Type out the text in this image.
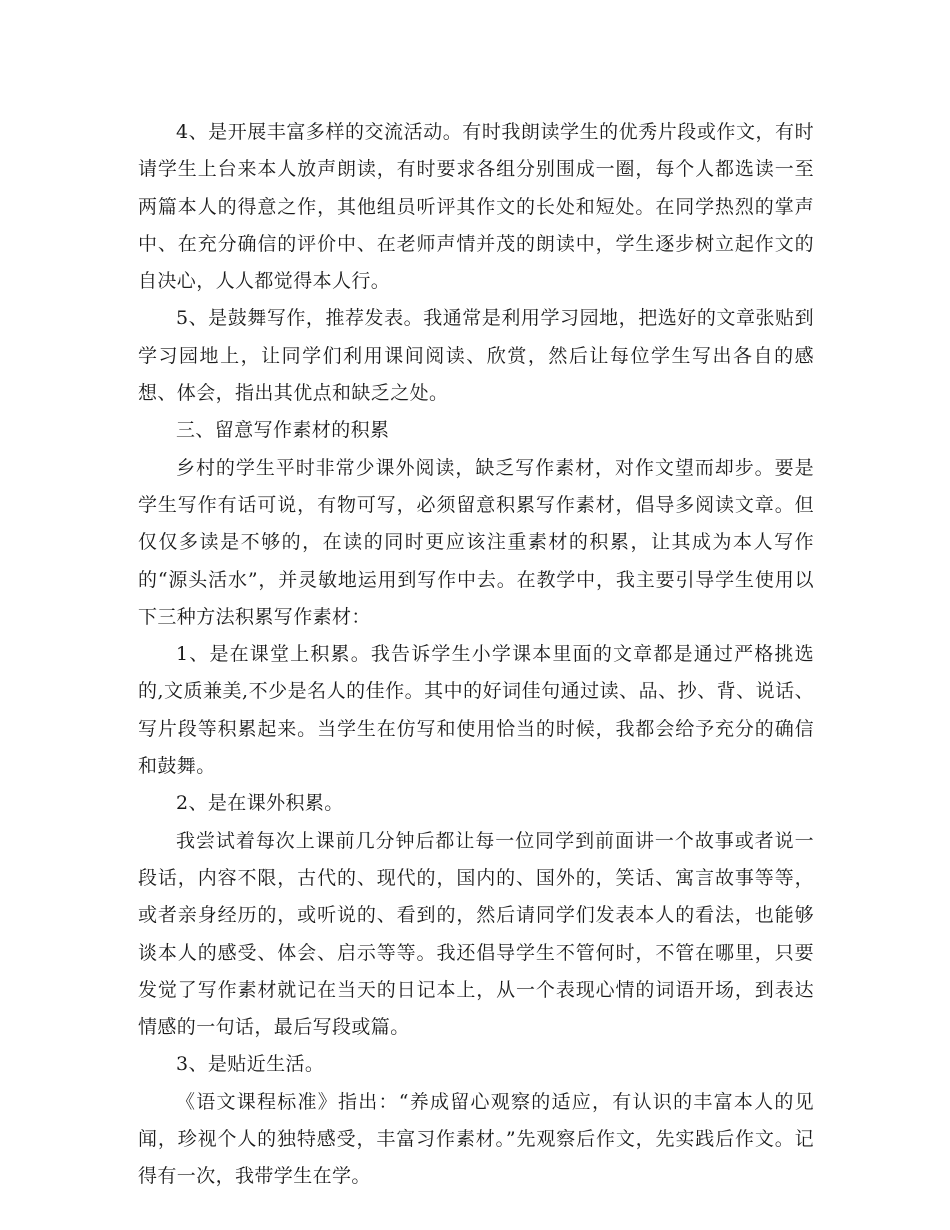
4、是开展丰富多样的交流活动。有时我朗读学生的优秀片段或作文，有时请学生上台来本人放声朗读，有时要求各组分别围成一圈，每个人都选读一至两篇本人的得意之作，其他组员听评其作文的长处和短处。在同学热烈的掌声中、在充分确信的评价中、在老师声情并茂的朗读中，学生逐步树立起作文的自决心，人人都觉得本人行。

5、是鼓舞写作，推荐发表。我通常是利用学习园地，把选好的文章张贴到学习园地上，让同学们利用课间阅读、欣赏，然后让每位学生写出各自的感想、体会，指出其优点和缺乏之处。

三、留意写作素材的积累

乡村的学生平时非常少课外阅读，缺乏写作素材，对作文望而却步。要是学生写作有话可说，有物可写，必须留意积累写作素材，倡导多阅读文章。但仅仅多读是不够的，在读的同时更应该注重素材的积累，让其成为本人写作的“源头活水”，并灵敏地运用到写作中去。在教学中，我主要引导学生使用以下三种方法积累写作素材：

1、是在课堂上积累。我告诉学生小学课本里面的文章都是通过严格挑选的,文质兼美,不少是名人的佳作。其中的好词佳句通过读、品、抄、背、说话、写片段等积累起来。当学生在仿写和使用恰当的时候，我都会给予充分的确信和鼓舞。

2、是在课外积累。

我尝试着每次上课前几分钟后都让每一位同学到前面讲一个故事或者说一段话，内容不限，古代的、现代的，国内的、国外的，笑话、寓言故事等等，或者亲身经历的，或听说的、看到的，然后请同学们发表本人的看法，也能够谈本人的感受、体会、启示等等。我还倡导学生不管何时，不管在哪里，只要发觉了写作素材就记在当天的日记本上，从一个表现心情的词语开场，到表达情感的一句话，最后写段或篇。

3、是贴近生活。

《语文课程标准》指出：“养成留心观察的适应，有认识的丰富本人的见闻，珍视个人的独特感受，丰富习作素材。”先观察后作文，先实践后作文。记得有一次，我带学生在学。
